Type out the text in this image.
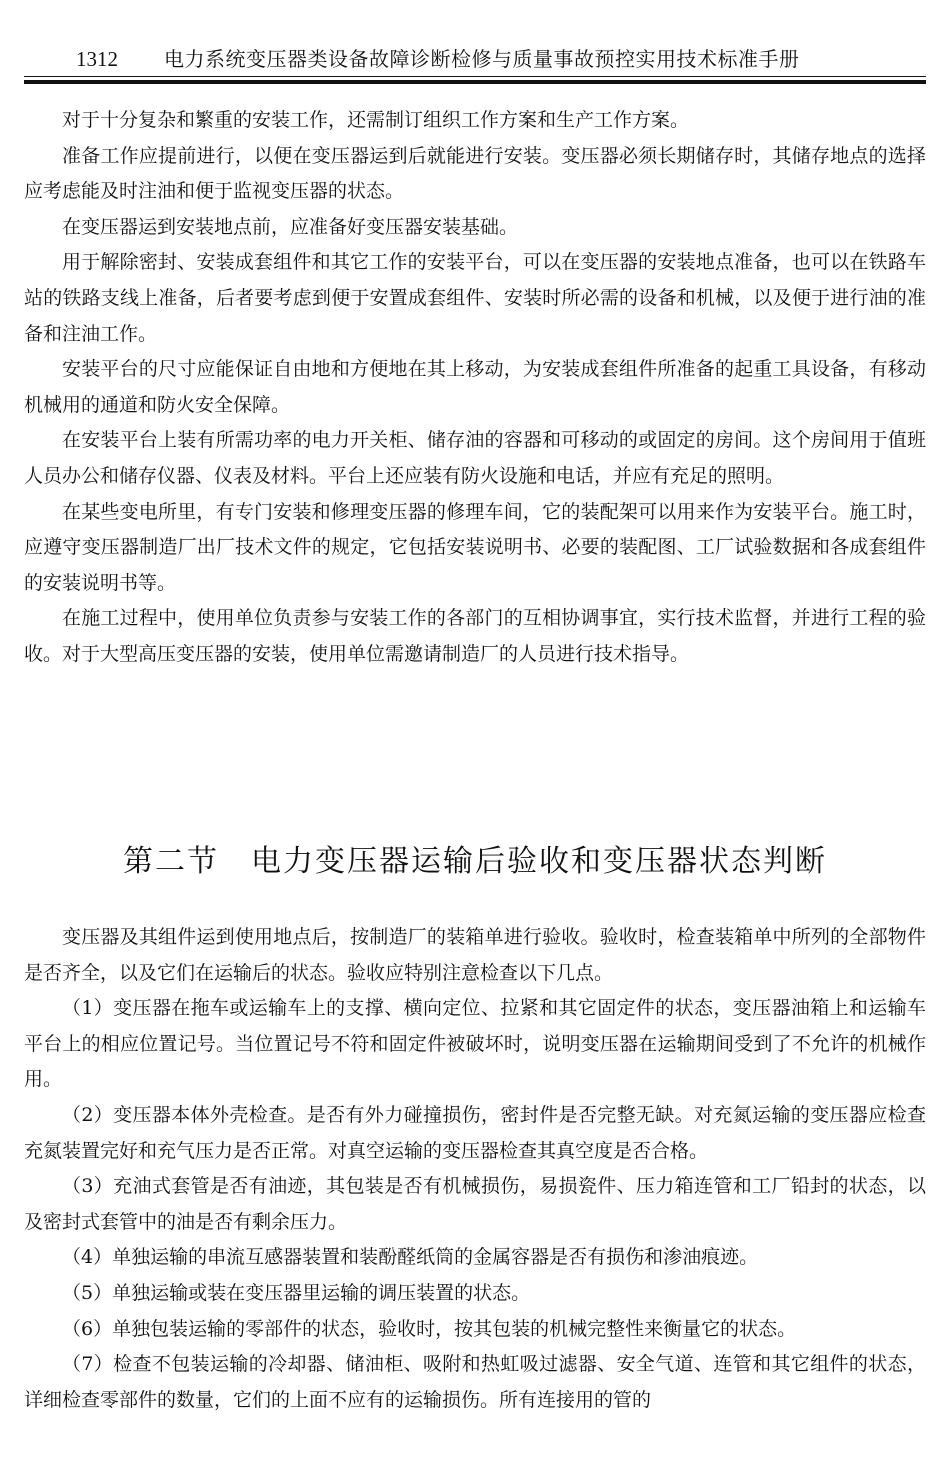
1312 电力系统变压器类设备故障诊断检修与质量事故预控实用技术标准手册

对于十分复杂和繁重的安装工作，还需制订组织工作方案和生产工作方案。

准备工作应提前进行，以便在变压器运到后就能进行安装。变压器必须长期储存时，其储存地点的选择应考虑能及时注油和便于监视变压器的状态。

在变压器运到安装地点前，应准备好变压器安装基础。

用于解除密封、安装成套组件和其它工作的安装平台，可以在变压器的安装地点准备，也可以在铁路车站的铁路支线上准备，后者要考虑到便于安置成套组件、安装时所必需的设备和机械，以及便于进行油的准备和注油工作。

安装平台的尺寸应能保证自由地和方便地在其上移动，为安装成套组件所准备的起重工具设备，有移动机械用的通道和防火安全保障。

在安装平台上装有所需功率的电力开关柜、储存油的容器和可移动的或固定的房间。这个房间用于值班人员办公和储存仪器、仪表及材料。平台上还应装有防火设施和电话，并应有充足的照明。

在某些变电所里，有专门安装和修理变压器的修理车间，它的装配架可以用来作为安装平台。施工时，应遵守变压器制造厂出厂技术文件的规定，它包括安装说明书、必要的装配图、工厂试验数据和各成套组件的安装说明书等。

在施工过程中，使用单位负责参与安装工作的各部门的互相协调事宜，实行技术监督，并进行工程的验收。对于大型高压变压器的安装，使用单位需邀请制造厂的人员进行技术指导。

第二节　电力变压器运输后验收和变压器状态判断

变压器及其组件运到使用地点后，按制造厂的装箱单进行验收。验收时，检查装箱单中所列的全部物件是否齐全，以及它们在运输后的状态。验收应特别注意检查以下几点。

（1）变压器在拖车或运输车上的支撑、横向定位、拉紧和其它固定件的状态，变压器油箱上和运输车平台上的相应位置记号。当位置记号不符和固定件被破坏时，说明变压器在运输期间受到了不允许的机械作用。

（2）变压器本体外壳检查。是否有外力碰撞损伤，密封件是否完整无缺。对充氮运输的变压器应检查充氮装置完好和充气压力是否正常。对真空运输的变压器检查其真空度是否合格。

（3）充油式套管是否有油迹，其包装是否有机械损伤，易损瓷件、压力箱连管和工厂铅封的状态，以及密封式套管中的油是否有剩余压力。

（4）单独运输的串流互感器装置和装酚醛纸筒的金属容器是否有损伤和渗油痕迹。

（5）单独运输或装在变压器里运输的调压装置的状态。

（6）单独包装运输的零部件的状态，验收时，按其包装的机械完整性来衡量它的状态。

（7）检查不包装运输的冷却器、储油柜、吸附和热虹吸过滤器、安全气道、连管和其它组件的状态，详细检查零部件的数量，它们的上面不应有的运输损伤。所有连接用的管的
